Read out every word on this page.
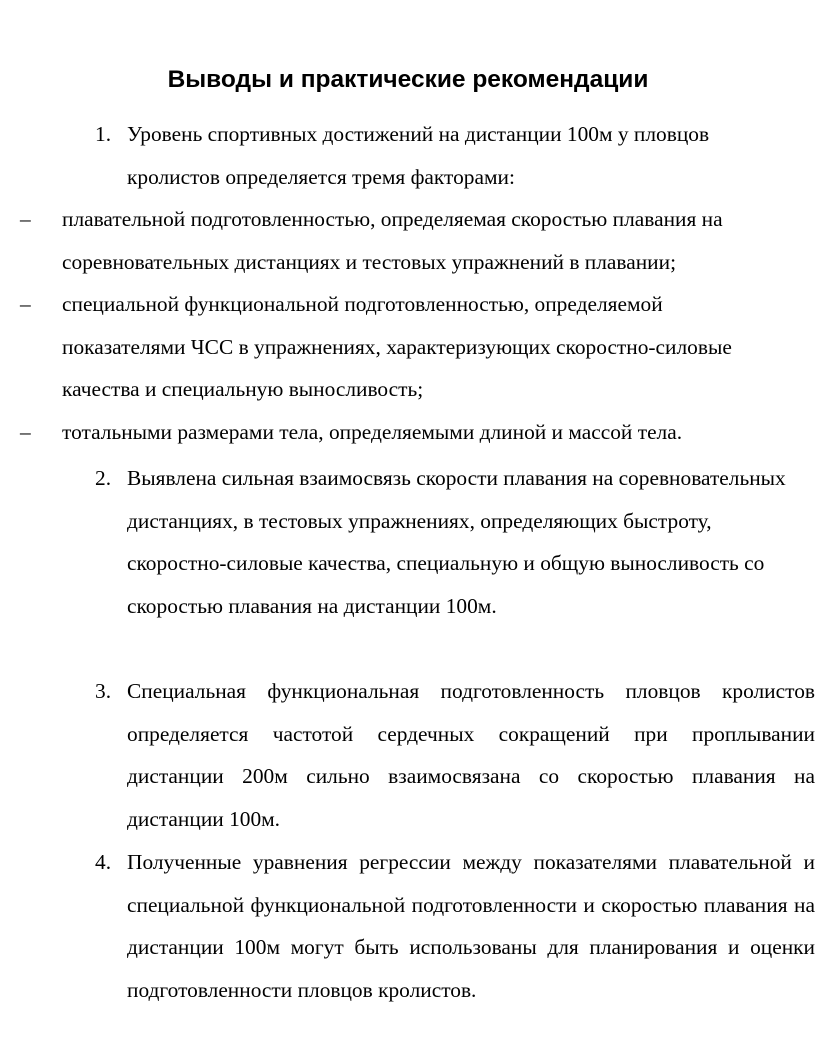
Выводы и практические рекомендации
1. Уровень спортивных достижений на дистанции 100м у пловцов кролистов определяется тремя факторами:
– плавательной подготовленностью, определяемая скоростью плавания на соревновательных дистанциях и тестовых упражнений в плавании;
– специальной функциональной подготовленностью, определяемой показателями ЧСС в упражнениях, характеризующих скоростно-силовые качества и специальную выносливость;
– тотальными размерами тела, определяемыми длиной и массой тела.
2. Выявлена сильная взаимосвязь скорости плавания на соревновательных дистанциях, в тестовых упражнениях, определяющих быстроту, скоростно-силовые качества, специальную и общую выносливость со скоростью плавания на дистанции 100м.
3. Специальная функциональная подготовленность пловцов кролистов определяется частотой сердечных сокращений при проплывании дистанции 200м сильно взаимосвязана со скоростью плавания на дистанции 100м.
4. Полученные уравнения регрессии между показателями плавательной и специальной функциональной подготовленности и скоростью плавания на дистанции 100м могут быть использованы для планирования и оценки подготовленности пловцов кролистов.
